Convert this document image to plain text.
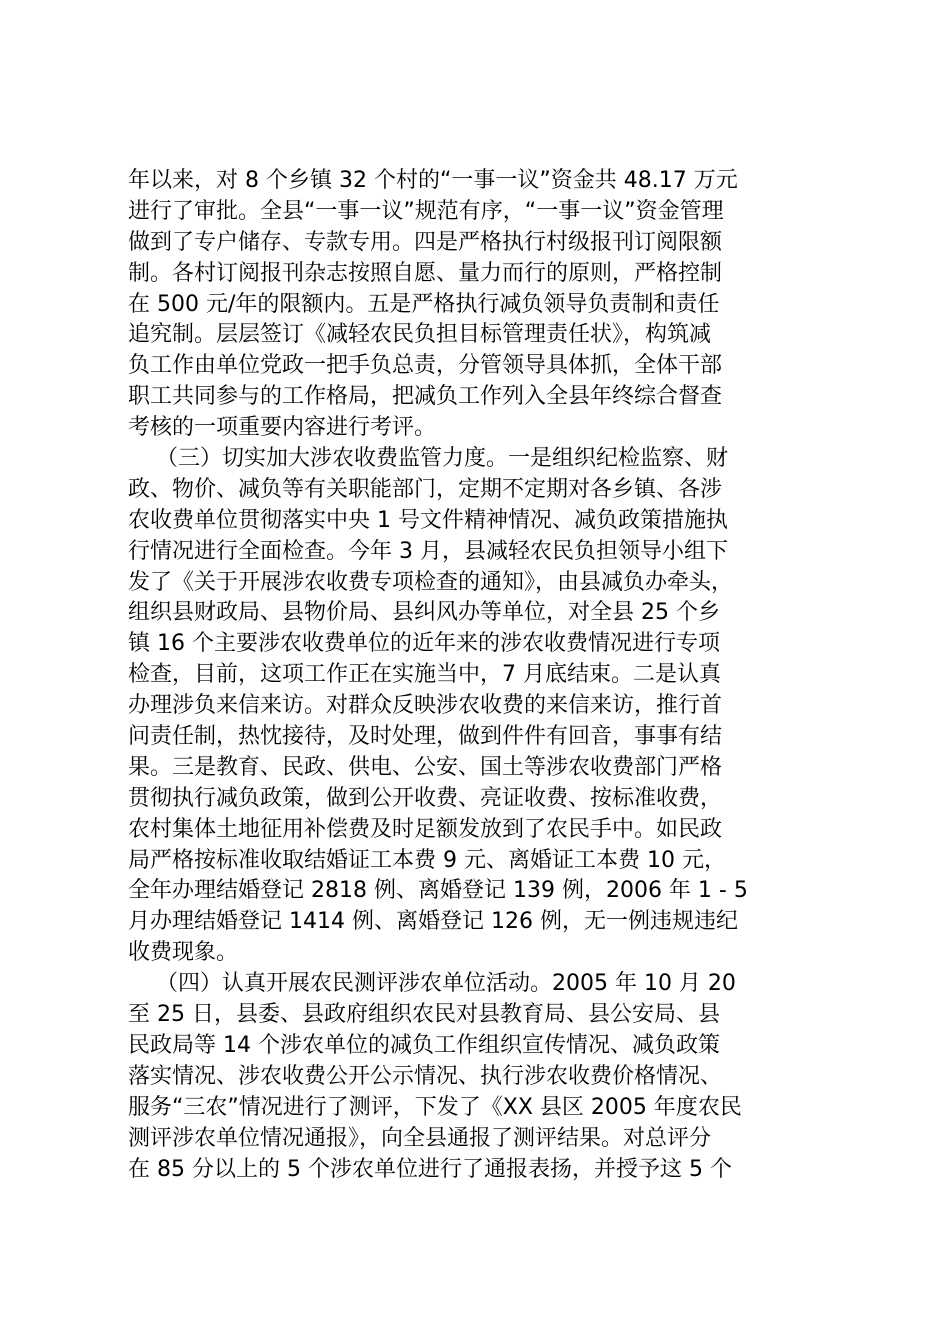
年以来，对 8 个乡镇 32 个村的“一事一议”资金共 48.17 万元
进行了审批。全县“一事一议”规范有序，“一事一议”资金管理
做到了专户储存、专款专用。四是严格执行村级报刊订阅限额
制。各村订阅报刊杂志按照自愿、量力而行的原则，严格控制
在 500 元/年的限额内。五是严格执行减负领导负责制和责任
追究制。层层签订《减轻农民负担目标管理责任状》，构筑减
负工作由单位党政一把手负总责，分管领导具体抓，全体干部
职工共同参与的工作格局，把减负工作列入全县年终综合督查
考核的一项重要内容进行考评。
（三）切实加大涉农收费监管力度。一是组织纪检监察、财
政、物价、减负等有关职能部门，定期不定期对各乡镇、各涉
农收费单位贯彻落实中央 1 号文件精神情况、减负政策措施执
行情况进行全面检查。今年 3 月，县减轻农民负担领导小组下
发了《关于开展涉农收费专项检查的通知》，由县减负办牵头，
组织县财政局、县物价局、县纠风办等单位，对全县 25 个乡
镇 16 个主要涉农收费单位的近年来的涉农收费情况进行专项
检查，目前，这项工作正在实施当中，7 月底结束。二是认真
办理涉负来信来访。对群众反映涉农收费的来信来访，推行首
问责任制，热忱接待，及时处理，做到件件有回音，事事有结
果。三是教育、民政、供电、公安、国土等涉农收费部门严格
贯彻执行减负政策，做到公开收费、亮证收费、按标准收费，
农村集体土地征用补偿费及时足额发放到了农民手中。如民政
局严格按标准收取结婚证工本费 9 元、离婚证工本费 10 元，
全年办理结婚登记 2818 例、离婚登记 139 例，2006 年 1 - 5
月办理结婚登记 1414 例、离婚登记 126 例，无一例违规违纪
收费现象。
（四）认真开展农民测评涉农单位活动。2005 年 10 月 20
至 25 日，县委、县政府组织农民对县教育局、县公安局、县
民政局等 14 个涉农单位的减负工作组织宣传情况、减负政策
落实情况、涉农收费公开公示情况、执行涉农收费价格情况、
服务“三农”情况进行了测评，下发了《XX 县区 2005 年度农民
测评涉农单位情况通报》，向全县通报了测评结果。对总评分
在 85 分以上的 5 个涉农单位进行了通报表扬，并授予这 5 个
